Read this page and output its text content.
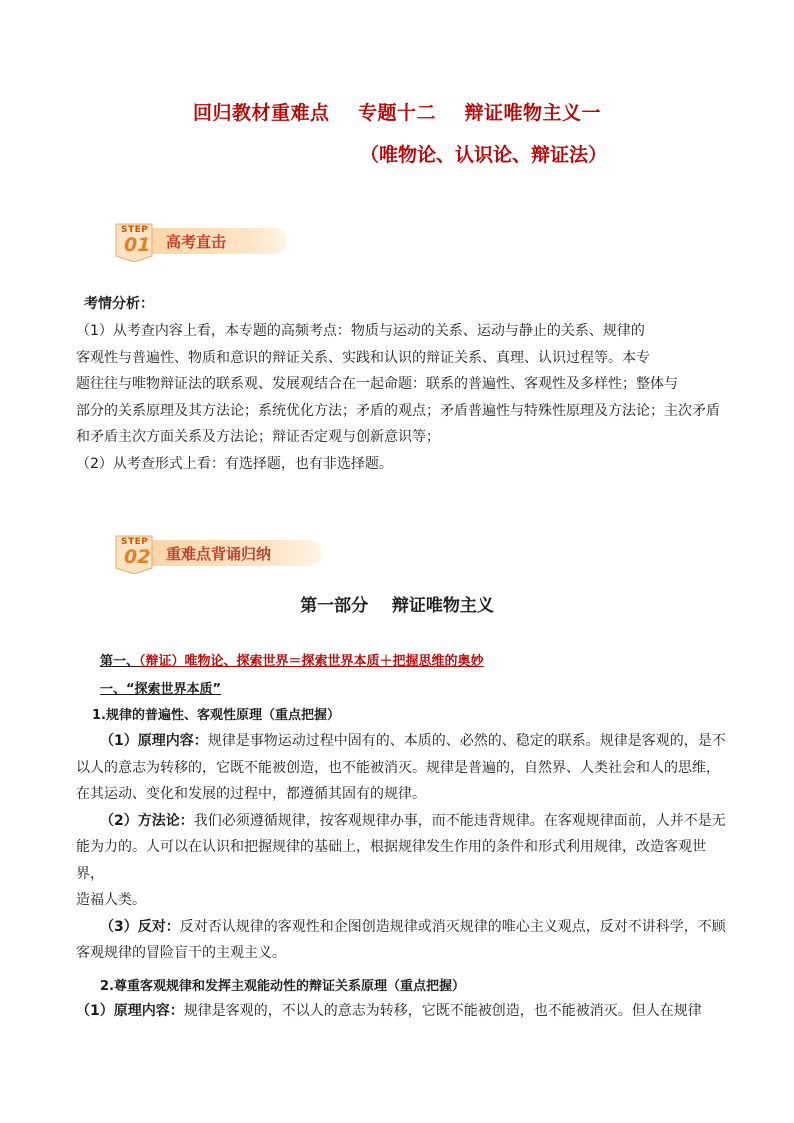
回归教材重难点    专题十二    辩证唯物主义一
（唯物论、认识论、辩证法）
STEP
01 高考直击
考情分析：

（1）从考查内容上看，本专题的高频考点：物质与运动的关系、运动与静止的关系、规律的

客观性与普遍性、物质和意识的辩证关系、实践和认识的辩证关系、真理、认识过程等。本专

题往往与唯物辩证法的联系观、发展观结合在一起命题：联系的普遍性、客观性及多样性；整体与

部分的关系原理及其方法论；系统优化方法；矛盾的观点；矛盾普遍性与特殊性原理及方法论；主次矛盾

和矛盾主次方面关系及方法论；辩证否定观与创新意识等；

（2）从考查形式上看：有选择题，也有非选择题。

STEP
02 重难点背诵归纳
第一部分    辩证唯物主义
第一、（辩证）唯物论、探索世界＝探索世界本质＋把握思维的奥妙
一、“探索世界本质”
1.规律的普遍性、客观性原理（重点把握）

（1）原理内容：规律是事物运动过程中固有的、本质的、必然的、稳定的联系。规律是客观的，是不

以人的意志为转移的，它既不能被创造，也不能被消灭。规律是普遍的，自然界、人类社会和人的思维，

在其运动、变化和发展的过程中，都遵循其固有的规律。

（2）方法论：我们必须遵循规律，按客观规律办事，而不能违背规律。在客观规律面前，人并不是无

能为力的。人可以在认识和把握规律的基础上，根据规律发生作用的条件和形式利用规律，改造客观世界，

造福人类。

（3）反对：反对否认规律的客观性和企图创造规律或消灭规律的唯心主义观点，反对不讲科学，不顾

客观规律的冒险盲干的主观主义。

2.尊重客观规律和发挥主观能动性的辩证关系原理（重点把握）

（1）原理内容：规律是客观的，不以人的意志为转移，它既不能被创造，也不能被消灭。但人在规律
